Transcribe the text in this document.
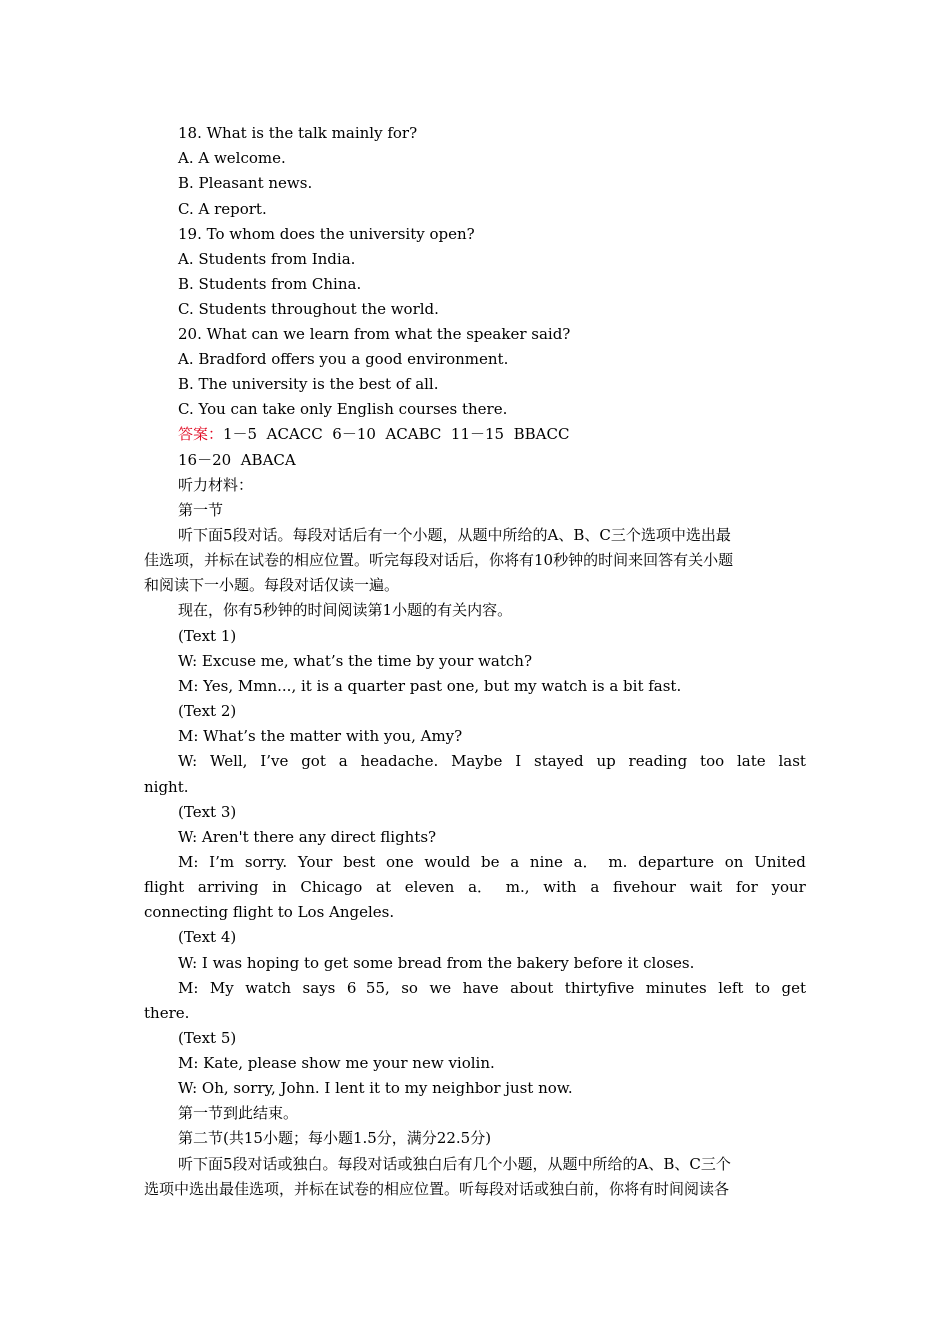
18. What is the talk mainly for?
A. A welcome.
B. Pleasant news.
C. A report.
19. To whom does the university open?
A. Students from India.
B. Students from China.
C. Students throughout the world.
20. What can we learn from what the speaker said?
A. Bradford offers you a good environment.
B. The university is the best of all.
C. You can take only English courses there.
答案：1－5  ACACC  6－10  ACABC  11－15  BBACC
16－20  ABACA
听力材料：
第一节
听下面5段对话。每段对话后有一个小题，从题中所给的A、B、C三个选项中选出最
佳选项，并标在试卷的相应位置。听完每段对话后，你将有10秒钟的时间来回答有关小题
和阅读下一小题。每段对话仅读一遍。
现在，你有5秒钟的时间阅读第1小题的有关内容。
(Text 1)
W: Excuse me, what’s the time by your watch?
M: Yes, Mmn..., it is a quarter past one, but my watch is a bit fast.
(Text 2)
M: What’s the matter with you, Amy?
W: Well, I’ve got a headache. Maybe I stayed up reading too late last
night.
(Text 3)
W: Aren't there any direct flights?
M: I’m sorry. Your best one would be a nine a． m. departure on United
flight arriving in Chicago at eleven a． m., with a fivehour wait for your
connecting flight to Los Angeles.
(Text 4)
W: I was hoping to get some bread from the bakery before it closes.
M: My watch says 6  55, so we have about thirtyfive minutes left to get
there.
(Text 5)
M: Kate, please show me your new violin.
W: Oh, sorry, John. I lent it to my neighbor just now.
第一节到此结束。
第二节(共15小题；每小题1.5分，满分22.5分)
听下面5段对话或独白。每段对话或独白后有几个小题，从题中所给的A、B、C三个
选项中选出最佳选项，并标在试卷的相应位置。听每段对话或独白前，你将有时间阅读各
